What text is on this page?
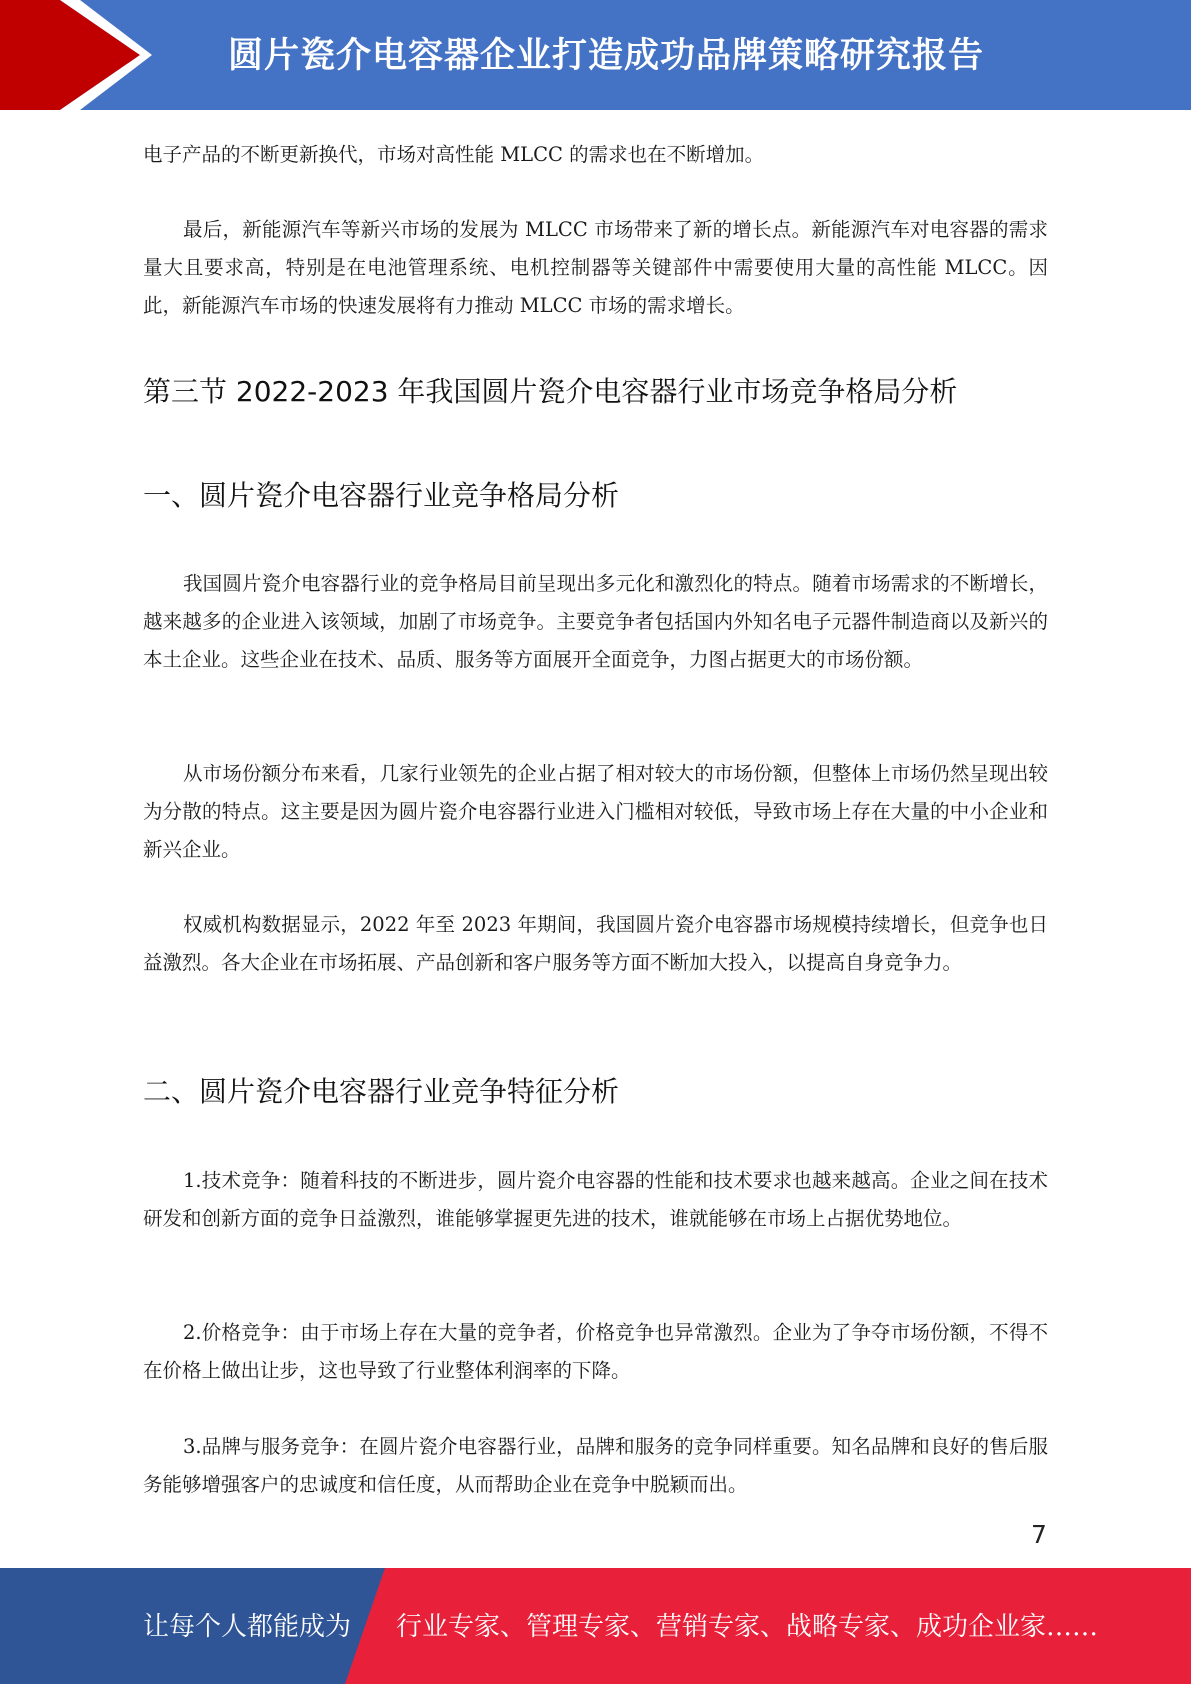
圆片瓷介电容器企业打造成功品牌策略研究报告

电子产品的不断更新换代，市场对高性能 MLCC 的需求也在不断增加。

最后，新能源汽车等新兴市场的发展为 MLCC 市场带来了新的增长点。新能源汽车对电容器的需求量大且要求高，特别是在电池管理系统、电机控制器等关键部件中需要使用大量的高性能 MLCC。因此，新能源汽车市场的快速发展将有力推动 MLCC 市场的需求增长。

第三节 2022-2023 年我国圆片瓷介电容器行业市场竞争格局分析
一、圆片瓷介电容器行业竞争格局分析

我国圆片瓷介电容器行业的竞争格局目前呈现出多元化和激烈化的特点。随着市场需求的不断增长，越来越多的企业进入该领域，加剧了市场竞争。主要竞争者包括国内外知名电子元器件制造商以及新兴的本土企业。这些企业在技术、品质、服务等方面展开全面竞争，力图占据更大的市场份额。

从市场份额分布来看，几家行业领先的企业占据了相对较大的市场份额，但整体上市场仍然呈现出较为分散的特点。这主要是因为圆片瓷介电容器行业进入门槛相对较低，导致市场上存在大量的中小企业和新兴企业。

权威机构数据显示，2022 年至 2023 年期间，我国圆片瓷介电容器市场规模持续增长，但竞争也日益激烈。各大企业在市场拓展、产品创新和客户服务等方面不断加大投入，以提高自身竞争力。

二、圆片瓷介电容器行业竞争特征分析

1.技术竞争：随着科技的不断进步，圆片瓷介电容器的性能和技术要求也越来越高。企业之间在技术研发和创新方面的竞争日益激烈，谁能够掌握更先进的技术，谁就能够在市场上占据优势地位。

2.价格竞争：由于市场上存在大量的竞争者，价格竞争也异常激烈。企业为了争夺市场份额，不得不在价格上做出让步，这也导致了行业整体利润率的下降。

3.品牌与服务竞争：在圆片瓷介电容器行业，品牌和服务的竞争同样重要。知名品牌和良好的售后服务能够增强客户的忠诚度和信任度，从而帮助企业在竞争中脱颖而出。

7
让每个人都能成为 行业专家、管理专家、营销专家、战略专家、成功企业家……
